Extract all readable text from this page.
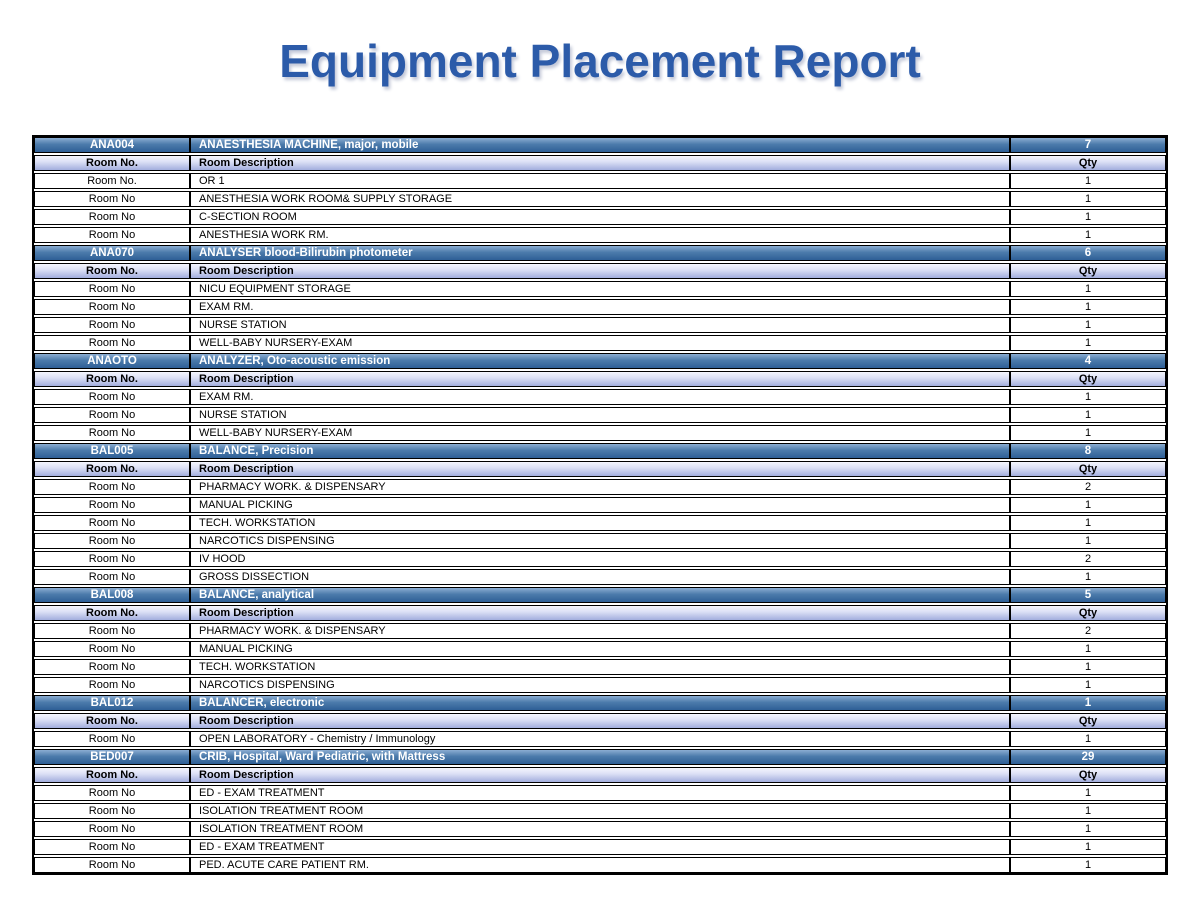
Equipment Placement Report
ANA004	ANAESTHESIA MACHINE, major, mobile	7
Room No.	Room Description	Qty
Room No.	OR 1	1
Room No	ANESTHESIA WORK ROOM& SUPPLY STORAGE	1
Room No	C-SECTION ROOM	1
Room No	ANESTHESIA WORK RM.	1
ANA070	ANALYSER blood-Bilirubin photometer	6
Room No.	Room Description	Qty
Room No	NICU EQUIPMENT STORAGE	1
Room No	EXAM RM.	1
Room No	NURSE STATION	1
Room No	WELL-BABY NURSERY-EXAM	1
ANAOTO	ANALYZER, Oto-acoustic emission	4
Room No.	Room Description	Qty
Room No	EXAM RM.	1
Room No	NURSE STATION	1
Room No	WELL-BABY NURSERY-EXAM	1
BAL005	BALANCE, Precision	8
Room No.	Room Description	Qty
Room No	PHARMACY WORK. & DISPENSARY	2
Room No	MANUAL PICKING	1
Room No	TECH. WORKSTATION	1
Room No	NARCOTICS DISPENSING	1
Room No	IV HOOD	2
Room No	GROSS DISSECTION	1
BAL008	BALANCE, analytical	5
Room No.	Room Description	Qty
Room No	PHARMACY WORK. & DISPENSARY	2
Room No	MANUAL PICKING	1
Room No	TECH. WORKSTATION	1
Room No	NARCOTICS DISPENSING	1
BAL012	BALANCER, electronic	1
Room No.	Room Description	Qty
Room No	OPEN LABORATORY - Chemistry / Immunology	1
BED007	CRIB, Hospital, Ward Pediatric, with Mattress	29
Room No.	Room Description	Qty
Room No	ED - EXAM TREATMENT	1
Room No	ISOLATION TREATMENT ROOM	1
Room No	ISOLATION TREATMENT ROOM	1
Room No	ED - EXAM TREATMENT	1
Room No	PED. ACUTE CARE PATIENT RM.	1
